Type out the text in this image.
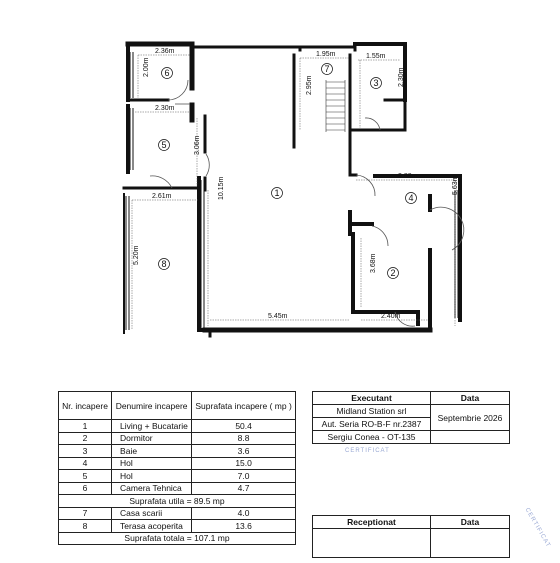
6
5
8
1
7
3
4
2
2.36m
2.00m
2.30m
3.06m
2.61m
5.20m
10.15m
1.95m
2.95m
1.55m
2.30m
3.88m	5.63m
3.68m
2.40m
5.45m
Nr. incapere	Denumire incapere	Suprafata incapere ( mp )
1	Living + Bucatarie	50.4
2	Dormitor	8.8
3	Baie	3.6
4	Hol	15.0
5	Hol	7.0
6	Camera Tehnica	4.7
Suprafata utila = 89.5 mp		
7	Casa scarii	4.0
8	Terasa acoperita	13.6
Suprafata totala = 107.1 mp		
Executant	Data
Midland Station srl	Septembrie 2026
Aut. Seria RO-B-F nr.2387	
Sergiu Conea - OT-135	
CERTIFICAT
CERTIFICAT
Receptionat	Data
